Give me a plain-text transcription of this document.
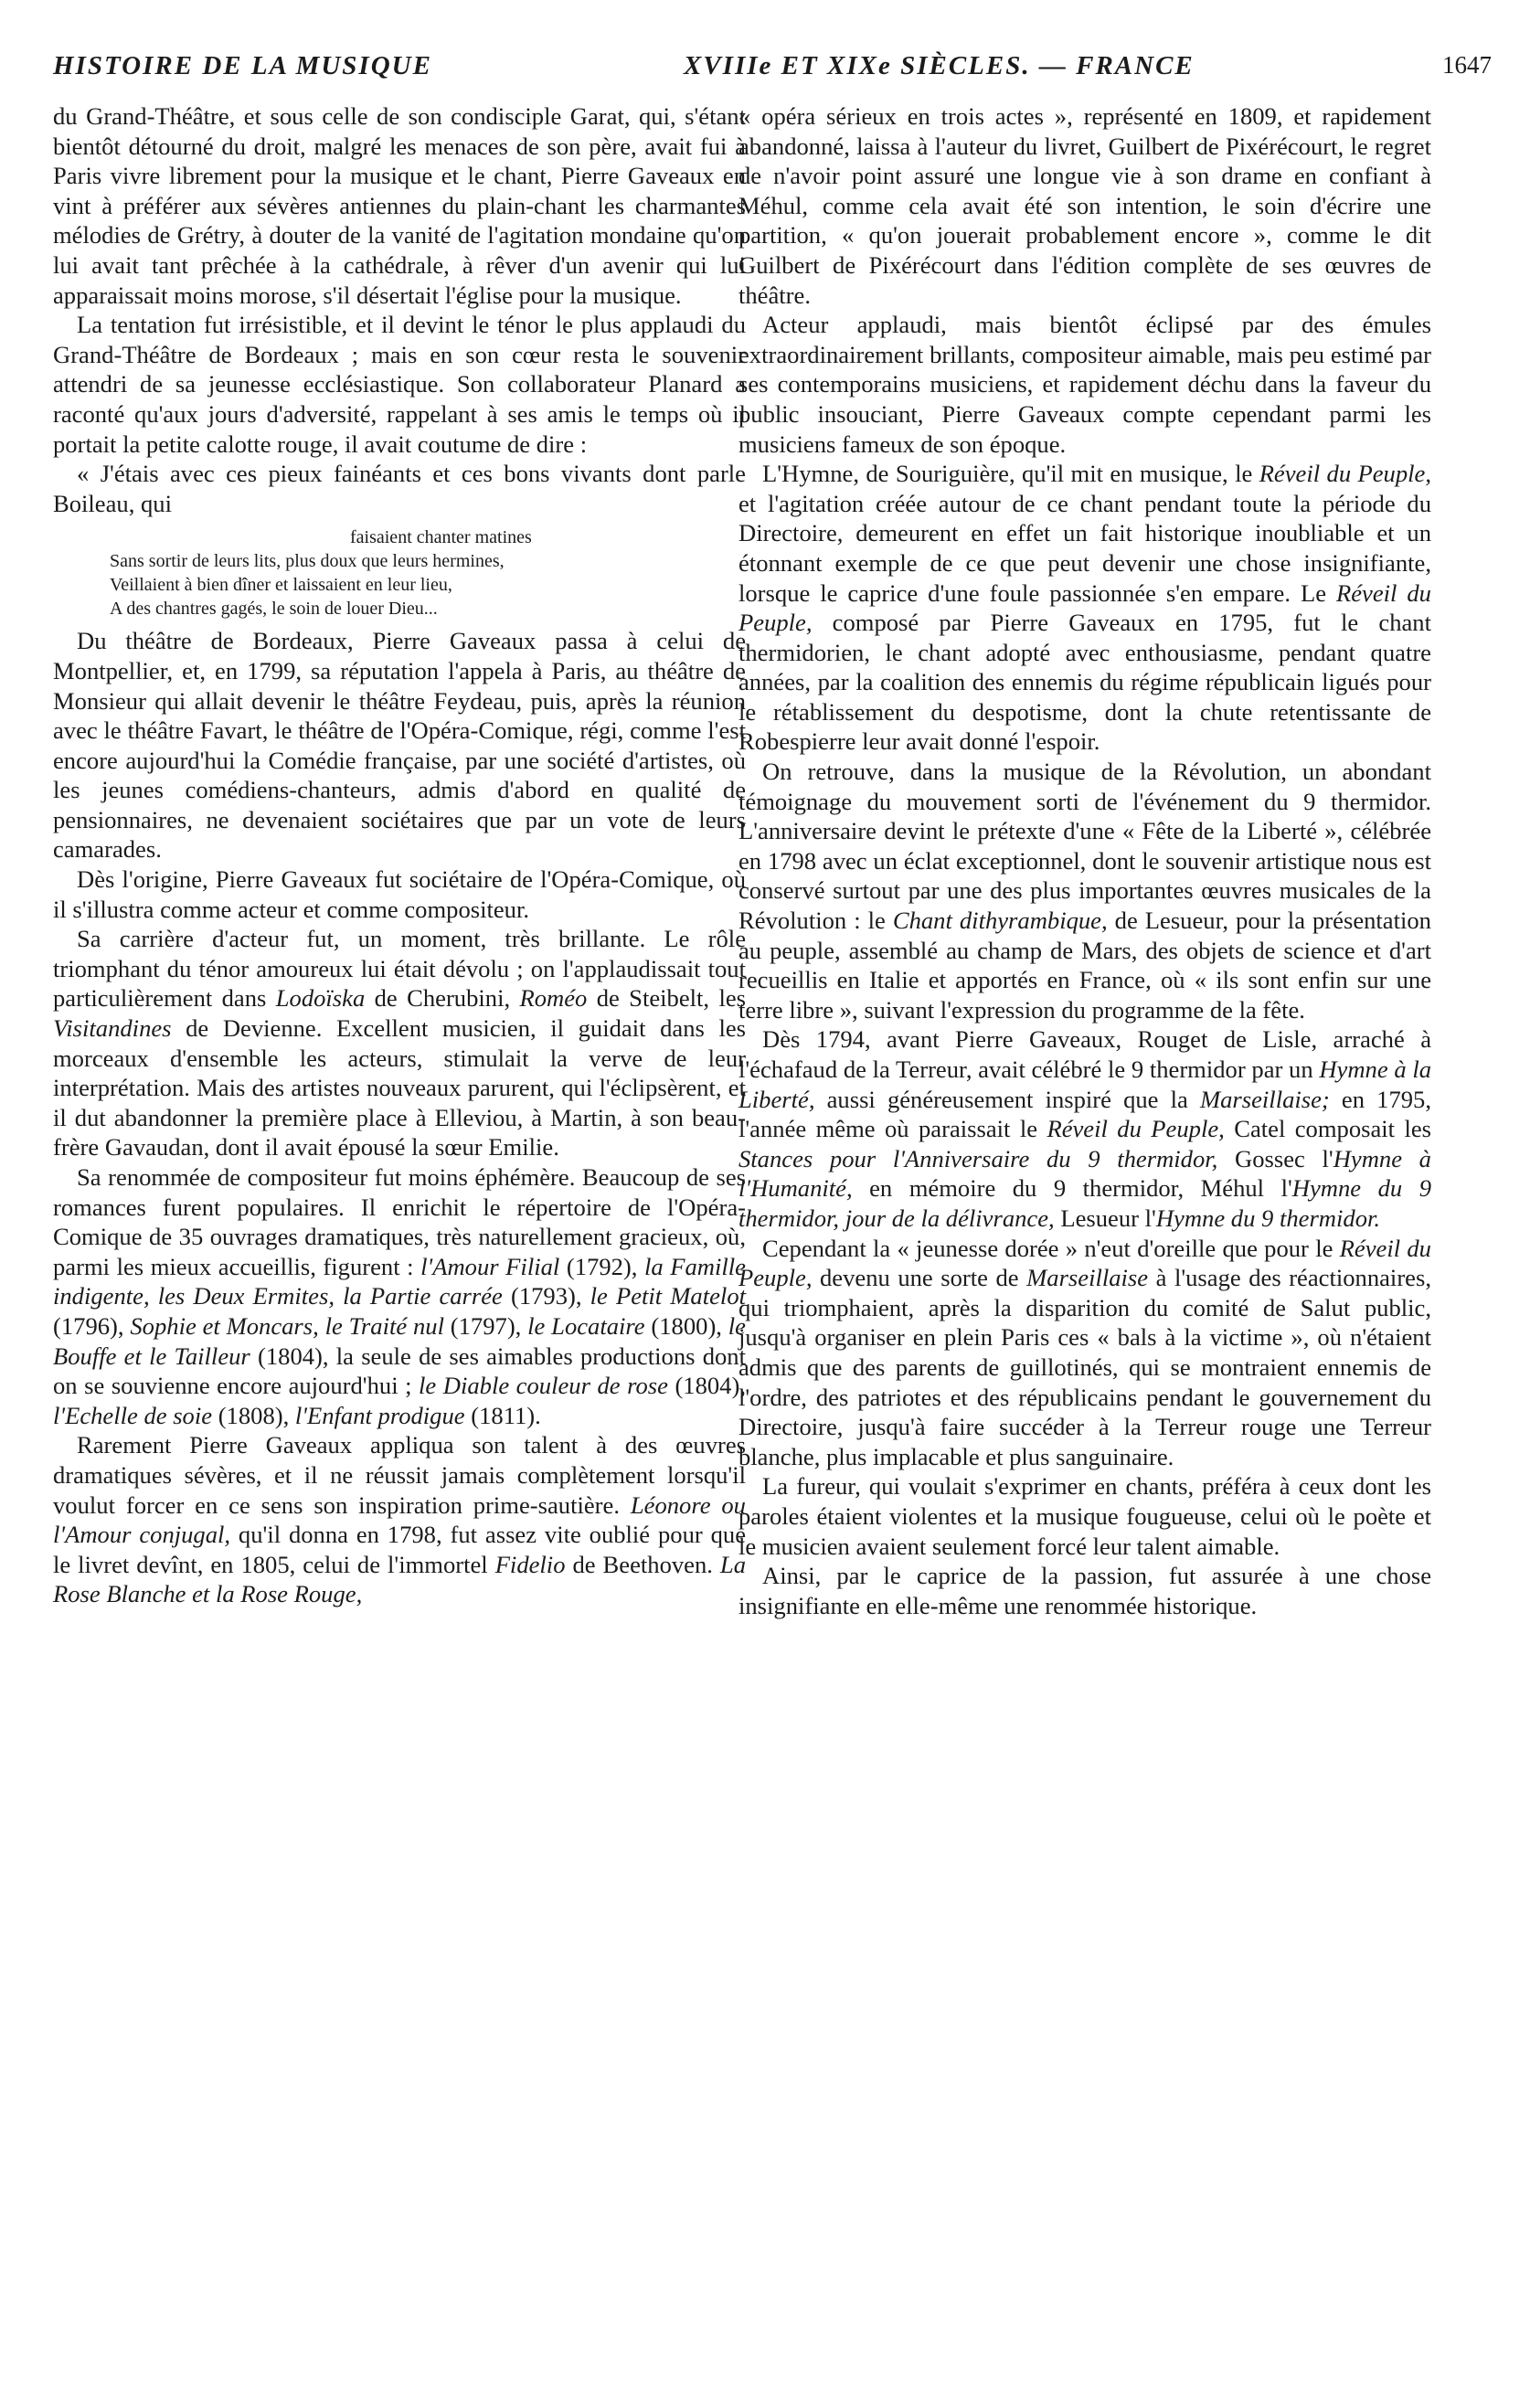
HISTOIRE DE LA MUSIQUE	XVIIIe ET XIXe SIÈCLES. — FRANCE	1647

du Grand-Théâtre, et sous celle de son condisciple Garat, qui, s'étant bientôt détourné du droit, malgré les menaces de son père, avait fui à Paris vivre librement pour la musique et le chant, Pierre Gaveaux en vint à préférer aux sévères antiennes du plain-chant les charmantes mélodies de Grétry, à douter de la vanité de l'agitation mondaine qu'on lui avait tant prêchée à la cathédrale, à rêver d'un avenir qui lui apparaissait moins morose, s'il désertait l'église pour la musique.

La tentation fut irrésistible, et il devint le ténor le plus applaudi du Grand-Théâtre de Bordeaux ; mais en son cœur resta le souvenir attendri de sa jeunesse ecclésiastique. Son collaborateur Planard a raconté qu'aux jours d'adversité, rappelant à ses amis le temps où il portait la petite calotte rouge, il avait coutume de dire :

« J'étais avec ces pieux fainéants et ces bons vivants dont parle Boileau, qui

faisaient chanter matines
Sans sortir de leurs lits, plus doux que leurs hermines,
Veillaient à bien dîner et laissaient en leur lieu,
A des chantres gagés, le soin de louer Dieu...

Du théâtre de Bordeaux, Pierre Gaveaux passa à celui de Montpellier, et, en 1799, sa réputation l'appela à Paris, au théâtre de Monsieur qui allait devenir le théâtre Feydeau, puis, après la réunion avec le théâtre Favart, le théâtre de l'Opéra-Comique, régi, comme l'est encore aujourd'hui la Comédie française, par une société d'artistes, où les jeunes comédiens-chanteurs, admis d'abord en qualité de pensionnaires, ne devenaient sociétaires que par un vote de leurs camarades.

Dès l'origine, Pierre Gaveaux fut sociétaire de l'Opéra-Comique, où il s'illustra comme acteur et comme compositeur.

Sa carrière d'acteur fut, un moment, très brillante. Le rôle triomphant du ténor amoureux lui était dévolu ; on l'applaudissait tout particulièrement dans Lodoïska de Cherubini, Roméo de Steibelt, les Visitandines de Devienne. Excellent musicien, il guidait dans les morceaux d'ensemble les acteurs, stimulait la verve de leur interprétation. Mais des artistes nouveaux parurent, qui l'éclipsèrent, et il dut abandonner la première place à Elleviou, à Martin, à son beau-frère Gavaudan, dont il avait épousé la sœur Emilie.

Sa renommée de compositeur fut moins éphémère. Beaucoup de ses romances furent populaires. Il enrichit le répertoire de l'Opéra-Comique de 35 ouvrages dramatiques, très naturellement gracieux, où, parmi les mieux accueillis, figurent : l'Amour Filial (1792), la Famille indigente, les Deux Ermites, la Partie carrée (1793), le Petit Matelot (1796), Sophie et Moncars, le Traité nul (1797), le Locataire (1800), le Bouffe et le Tailleur (1804), la seule de ses aimables productions dont on se souvienne encore aujourd'hui ; le Diable couleur de rose (1804), l'Echelle de soie (1808), l'Enfant prodigue (1811).

Rarement Pierre Gaveaux appliqua son talent à des œuvres dramatiques sévères, et il ne réussit jamais complètement lorsqu'il voulut forcer en ce sens son inspiration prime-sautière. Léonore ou l'Amour conjugal, qu'il donna en 1798, fut assez vite oublié pour que le livret devînt, en 1805, celui de l'immortel Fidelio de Beethoven. La Rose Blanche et la Rose Rouge,

« opéra sérieux en trois actes », représenté en 1809, et rapidement abandonné, laissa à l'auteur du livret, Guilbert de Pixérécourt, le regret de n'avoir point assuré une longue vie à son drame en confiant à Méhul, comme cela avait été son intention, le soin d'écrire une partition, « qu'on jouerait probablement encore », comme le dit Guilbert de Pixérécourt dans l'édition complète de ses œuvres de théâtre.

Acteur applaudi, mais bientôt éclipsé par des émules extraordinairement brillants, compositeur aimable, mais peu estimé par ses contemporains musiciens, et rapidement déchu dans la faveur du public insouciant, Pierre Gaveaux compte cependant parmi les musiciens fameux de son époque.

L'Hymne, de Souriguière, qu'il mit en musique, le Réveil du Peuple, et l'agitation créée autour de ce chant pendant toute la période du Directoire, demeurent en effet un fait historique inoubliable et un étonnant exemple de ce que peut devenir une chose insignifiante, lorsque le caprice d'une foule passionnée s'en empare. Le Réveil du Peuple, composé par Pierre Gaveaux en 1795, fut le chant thermidorien, le chant adopté avec enthousiasme, pendant quatre années, par la coalition des ennemis du régime républicain ligués pour le rétablissement du despotisme, dont la chute retentissante de Robespierre leur avait donné l'espoir.

On retrouve, dans la musique de la Révolution, un abondant témoignage du mouvement sorti de l'événement du 9 thermidor. L'anniversaire devint le prétexte d'une « Fête de la Liberté », célébrée en 1798 avec un éclat exceptionnel, dont le souvenir artistique nous est conservé surtout par une des plus importantes œuvres musicales de la Révolution : le Chant dithyrambique, de Lesueur, pour la présentation au peuple, assemblé au champ de Mars, des objets de science et d'art recueillis en Italie et apportés en France, où « ils sont enfin sur une terre libre », suivant l'expression du programme de la fête.

Dès 1794, avant Pierre Gaveaux, Rouget de Lisle, arraché à l'échafaud de la Terreur, avait célébré le 9 thermidor par un Hymne à la Liberté, aussi généreusement inspiré que la Marseillaise; en 1795, l'année même où paraissait le Réveil du Peuple, Catel composait les Stances pour l'Anniversaire du 9 thermidor, Gossec l'Hymne à l'Humanité, en mémoire du 9 thermidor, Méhul l'Hymne du 9 thermidor, jour de la délivrance, Lesueur l'Hymne du 9 thermidor.

Cependant la « jeunesse dorée » n'eut d'oreille que pour le Réveil du Peuple, devenu une sorte de Marseillaise à l'usage des réactionnaires, qui triomphaient, après la disparition du comité de Salut public, jusqu'à organiser en plein Paris ces « bals à la victime », où n'étaient admis que des parents de guillotinés, qui se montraient ennemis de l'ordre, des patriotes et des républicains pendant le gouvernement du Directoire, jusqu'à faire succéder à la Terreur rouge une Terreur blanche, plus implacable et plus sanguinaire.

La fureur, qui voulait s'exprimer en chants, préféra à ceux dont les paroles étaient violentes et la musique fougueuse, celui où le poète et le musicien avaient seulement forcé leur talent aimable.

Ainsi, par le caprice de la passion, fut assurée à une chose insignifiante en elle-même une renommée historique.
